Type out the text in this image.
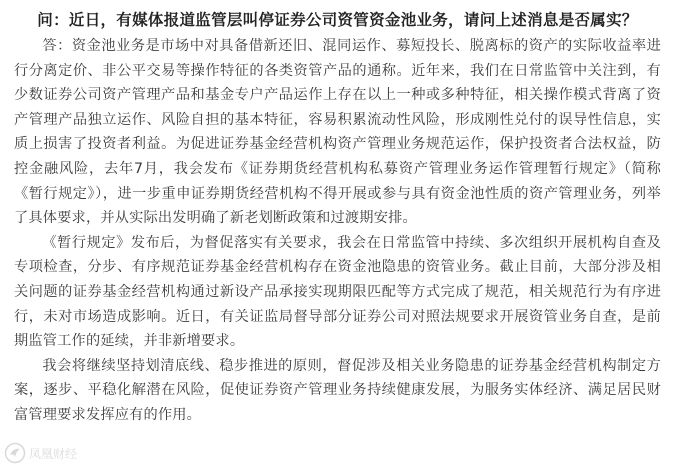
问：近日，有媒体报道监管层叫停证券公司资管资金池业务，请问上述消息是否属实？

答：资金池业务是市场中对具备借新还旧、混同运作、募短投长、脱离标的资产的实际收益率进行分离定价、非公平交易等操作特征的各类资管产品的通称。近年来，我们在日常监管中关注到，有少数证券公司资产管理产品和基金专户产品运作上存在以上一种或多种特征，相关操作模式背离了资产管理产品独立运作、风险自担的基本特征，容易积累流动性风险，形成刚性兑付的误导性信息，实质上损害了投资者利益。为促进证券基金经营机构资产管理业务规范运作，保护投资者合法权益，防控金融风险，去年7月，我会发布《证券期货经营机构私募资产管理业务运作管理暂行规定》（简称《暂行规定》），进一步重申证券期货经营机构不得开展或参与具有资金池性质的资产管理业务，列举了具体要求，并从实际出发明确了新老划断政策和过渡期安排。

《暂行规定》发布后，为督促落实有关要求，我会在日常监管中持续、多次组织开展机构自查及专项检查，分步、有序规范证券基金经营机构存在资金池隐患的资管业务。截止目前，大部分涉及相关问题的证券基金经营机构通过新设产品承接实现期限匹配等方式完成了规范，相关规范行为有序进行，未对市场造成影响。近日，有关证监局督导部分证券公司对照法规要求开展资管业务自查，是前期监管工作的延续，并非新增要求。

我会将继续坚持划清底线、稳步推进的原则，督促涉及相关业务隐患的证券基金经营机构制定方案，逐步、平稳化解潜在风险，促使证券资产管理业务持续健康发展，为服务实体经济、满足居民财富管理要求发挥应有的作用。

凤凰财经
